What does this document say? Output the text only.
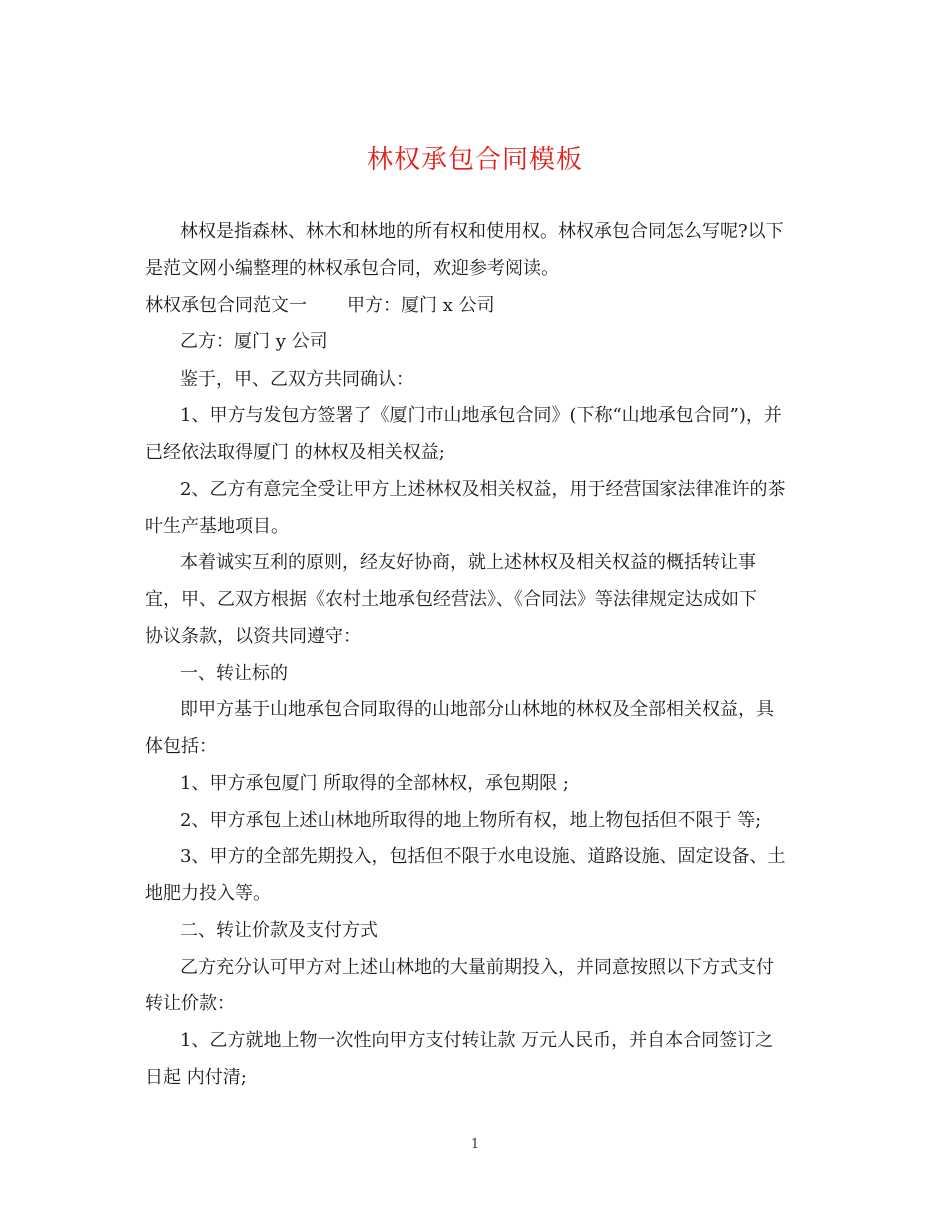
林权承包合同模板
林权是指森林、林木和林地的所有权和使用权。林权承包合同怎么写呢?以下
是范文网小编整理的林权承包合同，欢迎参考阅读。
林权承包合同范文一 甲方：厦门 x 公司
乙方：厦门 y 公司
鉴于，甲、乙双方共同确认：
1、甲方与发包方签署了《厦门市山地承包合同》(下称“山地承包合同”)，并
已经依法取得厦门 的林权及相关权益;
2、乙方有意完全受让甲方上述林权及相关权益，用于经营国家法律准许的茶
叶生产基地项目。
本着诚实互利的原则，经友好协商，就上述林权及相关权益的概括转让事
宜，甲、乙双方根据《农村土地承包经营法》、《合同法》等法律规定达成如下
协议条款，以资共同遵守：
一、转让标的
即甲方基于山地承包合同取得的山地部分山林地的林权及全部相关权益，具
体包括：
1、甲方承包厦门 所取得的全部林权，承包期限 ;
2、甲方承包上述山林地所取得的地上物所有权，地上物包括但不限于 等;
3、甲方的全部先期投入，包括但不限于水电设施、道路设施、固定设备、土
地肥力投入等。
二、转让价款及支付方式
乙方充分认可甲方对上述山林地的大量前期投入，并同意按照以下方式支付
转让价款：
1、乙方就地上物一次性向甲方支付转让款 万元人民币，并自本合同签订之
日起 内付清;
1
